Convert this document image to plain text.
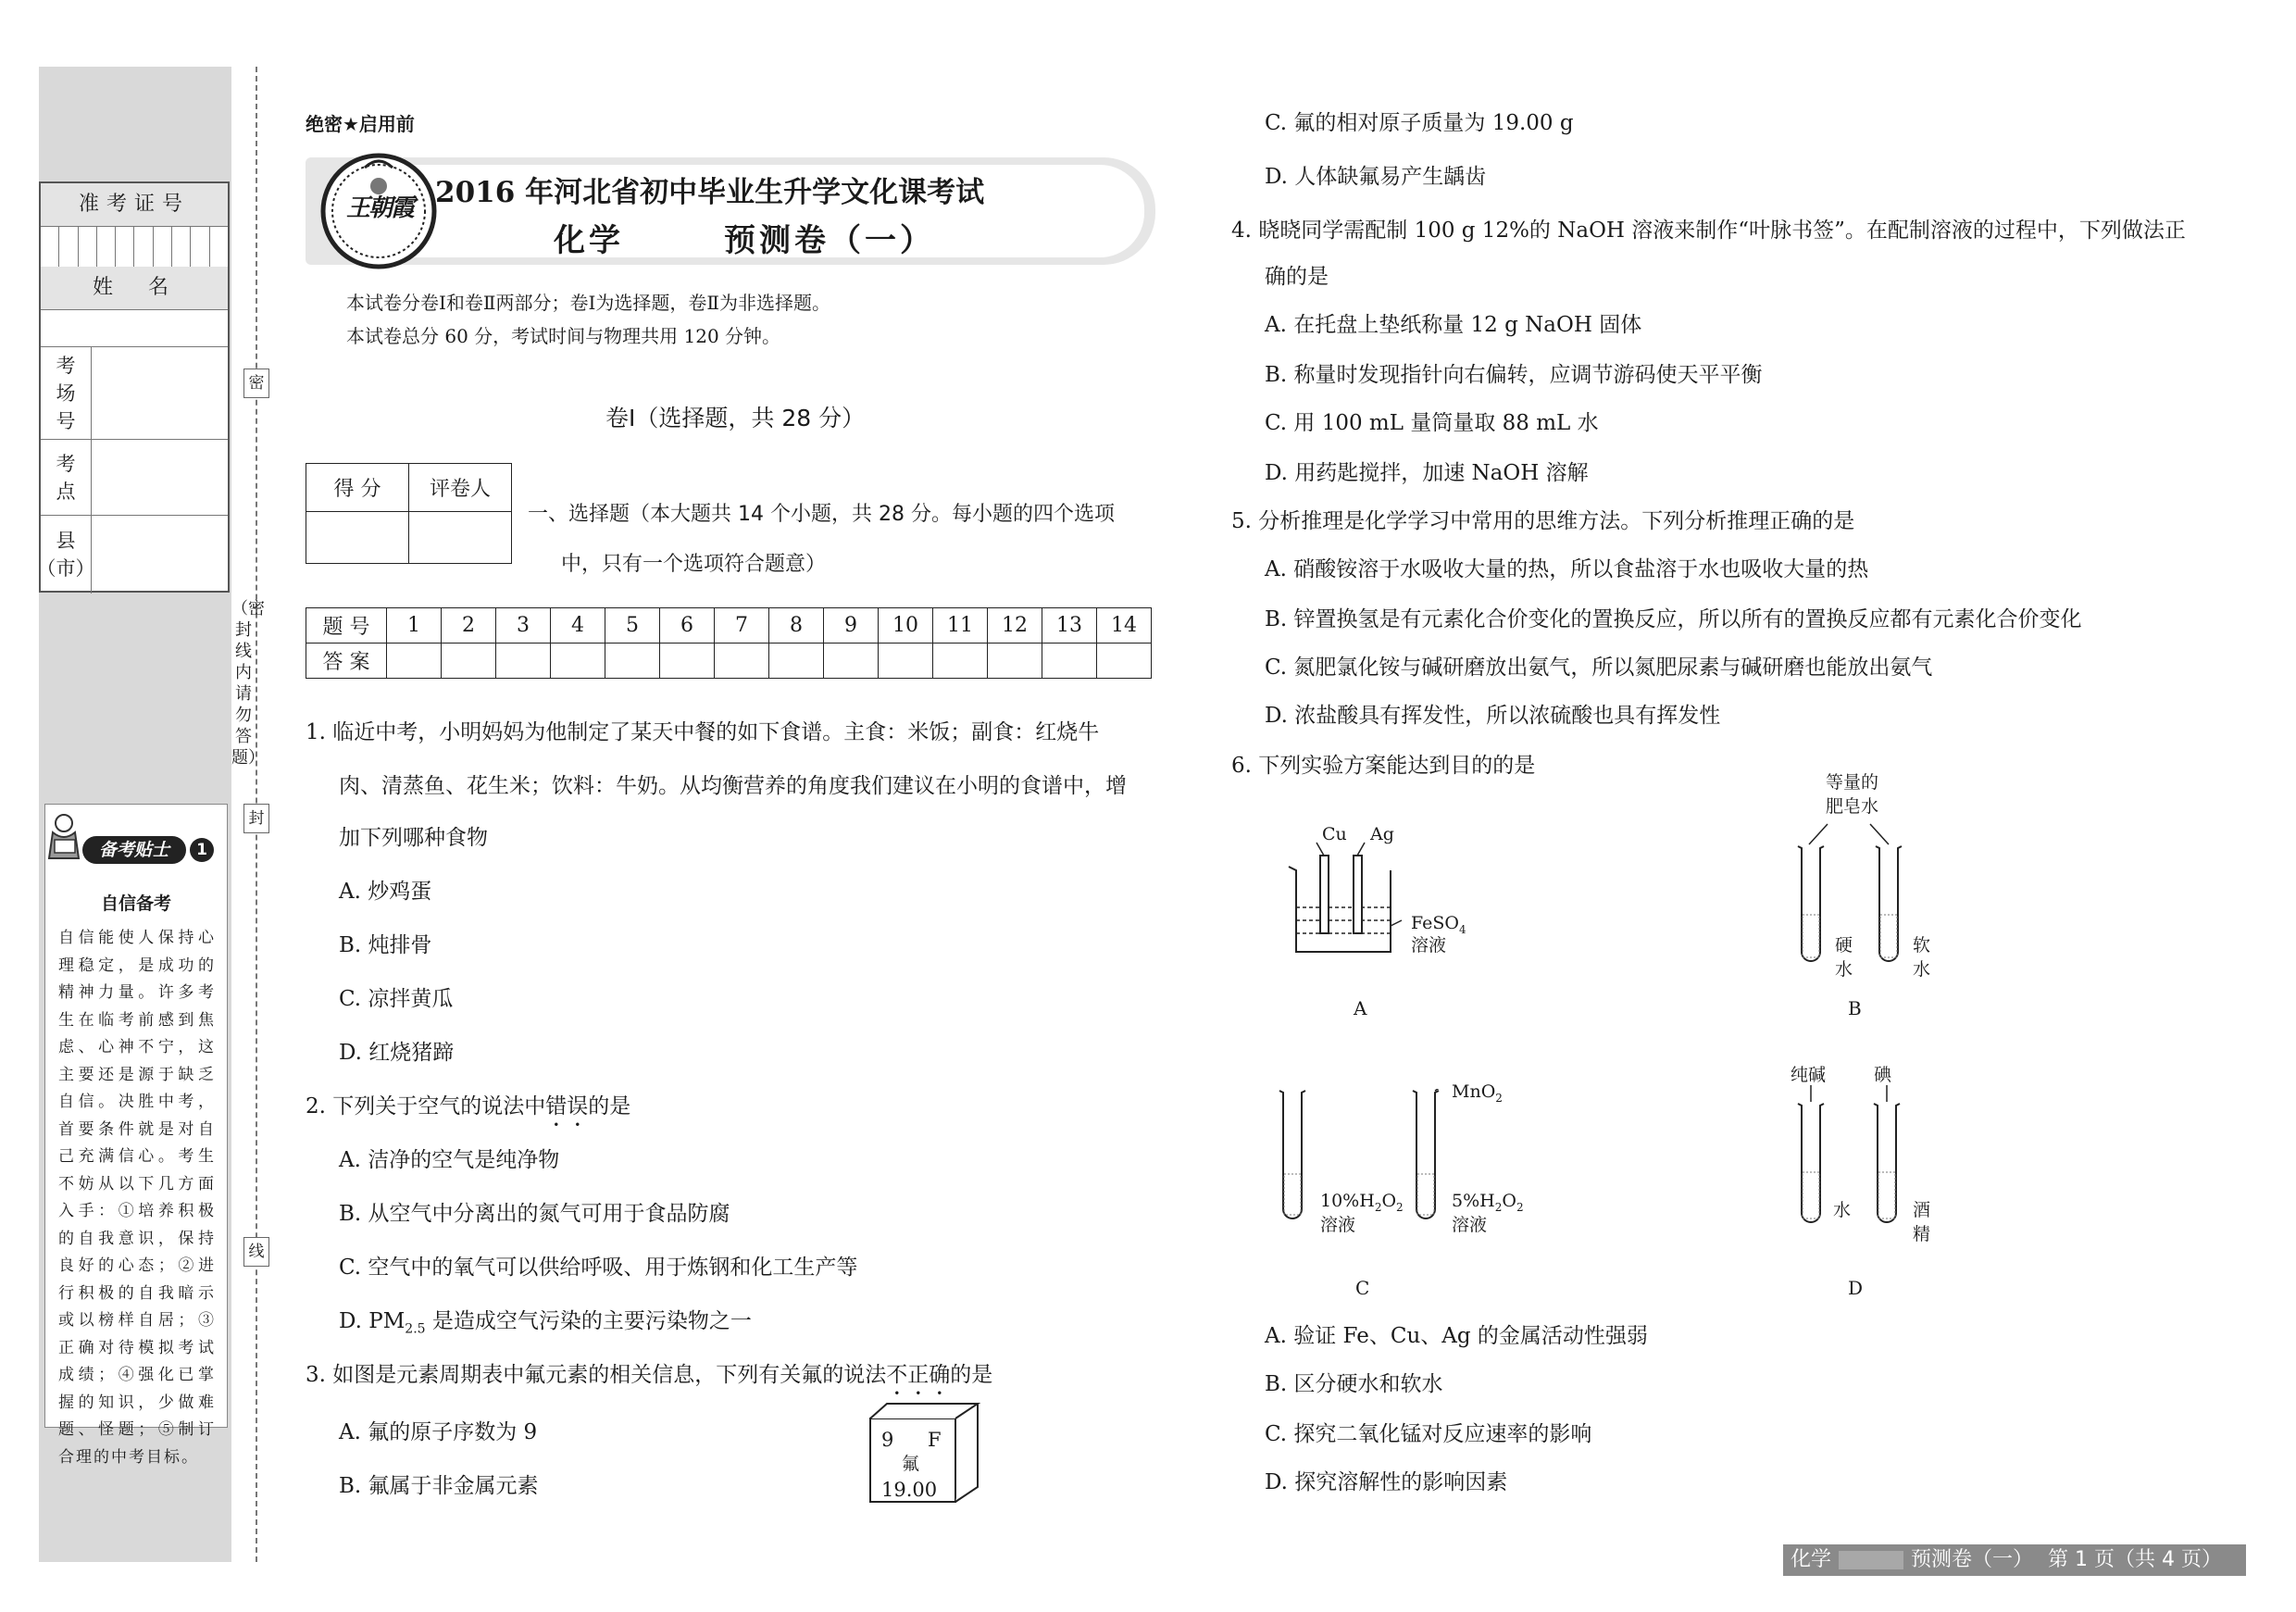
准考证号
姓　名
考
场
号
考
点
县
（市）
密
封
线
（密封线内请勿答题）
备考贴士	1
自信备考
自信能使人保持心理稳定，是成功的精神力量。许多考生在临考前感到焦虑、心神不宁，这主要还是源于缺乏自信。决胜中考，首要条件就是对自己充满信心。考生不妨从以下几方面入手：①培养积极的自我意识，保持良好的心态；②进行积极的自我暗示或以榜样自居；③正确对待模拟考试成绩；④强化已掌握的知识，少做难题、怪题；⑤制订合理的中考目标。
绝密★启用前
王朝霞 2016 年河北省初中毕业生升学文化课考试
化学	预测卷（一）
本试卷分卷Ⅰ和卷Ⅱ两部分；卷Ⅰ为选择题，卷Ⅱ为非选择题。
本试卷总分 60 分，考试时间与物理共用 120 分钟。
卷Ⅰ（选择题，共 28 分）
得 分	评卷人

一、选择题（本大题共 14 个小题，共 28 分。每小题的四个选项
中，只有一个选项符合题意）
题 号	1	2	3	4	5	6	7	8	9	10	11	12	13	14
答 案														
1. 临近中考，小明妈妈为他制定了某天中餐的如下食谱。主食：米饭；副食：红烧牛
肉、清蒸鱼、花生米；饮料：牛奶。从均衡营养的角度我们建议在小明的食谱中，增
加下列哪种食物
A. 炒鸡蛋
B. 炖排骨
C. 凉拌黄瓜
D. 红烧猪蹄
2. 下列关于空气的说法中错误的是
A. 洁净的空气是纯净物
B. 从空气中分离出的氮气可用于食品防腐
C. 空气中的氧气可以供给呼吸、用于炼钢和化工生产等
D. $PM_{2.5}$ 是造成空气污染的主要污染物之一
3. 如图是元素周期表中氟元素的相关信息，下列有关氟的说法不正确的是
A. 氟的原子序数为 9
B. 氟属于非金属元素
9 F
氟
19.00
C. 氟的相对原子质量为 19.00 g
D. 人体缺氟易产生龋齿
4. 晓晓同学需配制 100 g 12%的 NaOH 溶液来制作“叶脉书签”。在配制溶液的过程中，下列做法正
确的是
A. 在托盘上垫纸称量 12 g NaOH 固体
B. 称量时发现指针向右偏转，应调节游码使天平平衡
C. 用 100 mL 量筒量取 88 mL 水
D. 用药匙搅拌，加速 NaOH 溶解
5. 分析推理是化学学习中常用的思维方法。下列分析推理正确的是
A. 硝酸铵溶于水吸收大量的热，所以食盐溶于水也吸收大量的热
B. 锌置换氢是有元素化合价变化的置换反应，所以所有的置换反应都有元素化合价变化
C. 氮肥氯化铵与碱研磨放出氨气，所以氮肥尿素与碱研磨也能放出氨气
D. 浓盐酸具有挥发性，所以浓硫酸也具有挥发性
6. 下列实验方案能达到目的的是
Cu Ag
FeSO$_4$
溶液
A
等量的
肥皂水
硬
水
软
水
B
MnO$_2$
$10\%H_2O_2$
溶液
$5\%H_2O_2$
溶液
C
纯碱	碘
水	酒
精
D
A. 验证 Fe、Cu、Ag 的金属活动性强弱
B. 区分硬水和软水
C. 探究二氧化锰对反应速率的影响
D. 探究溶解性的影响因素
化学	预测卷（一） 第 1 页（共 4 页）
